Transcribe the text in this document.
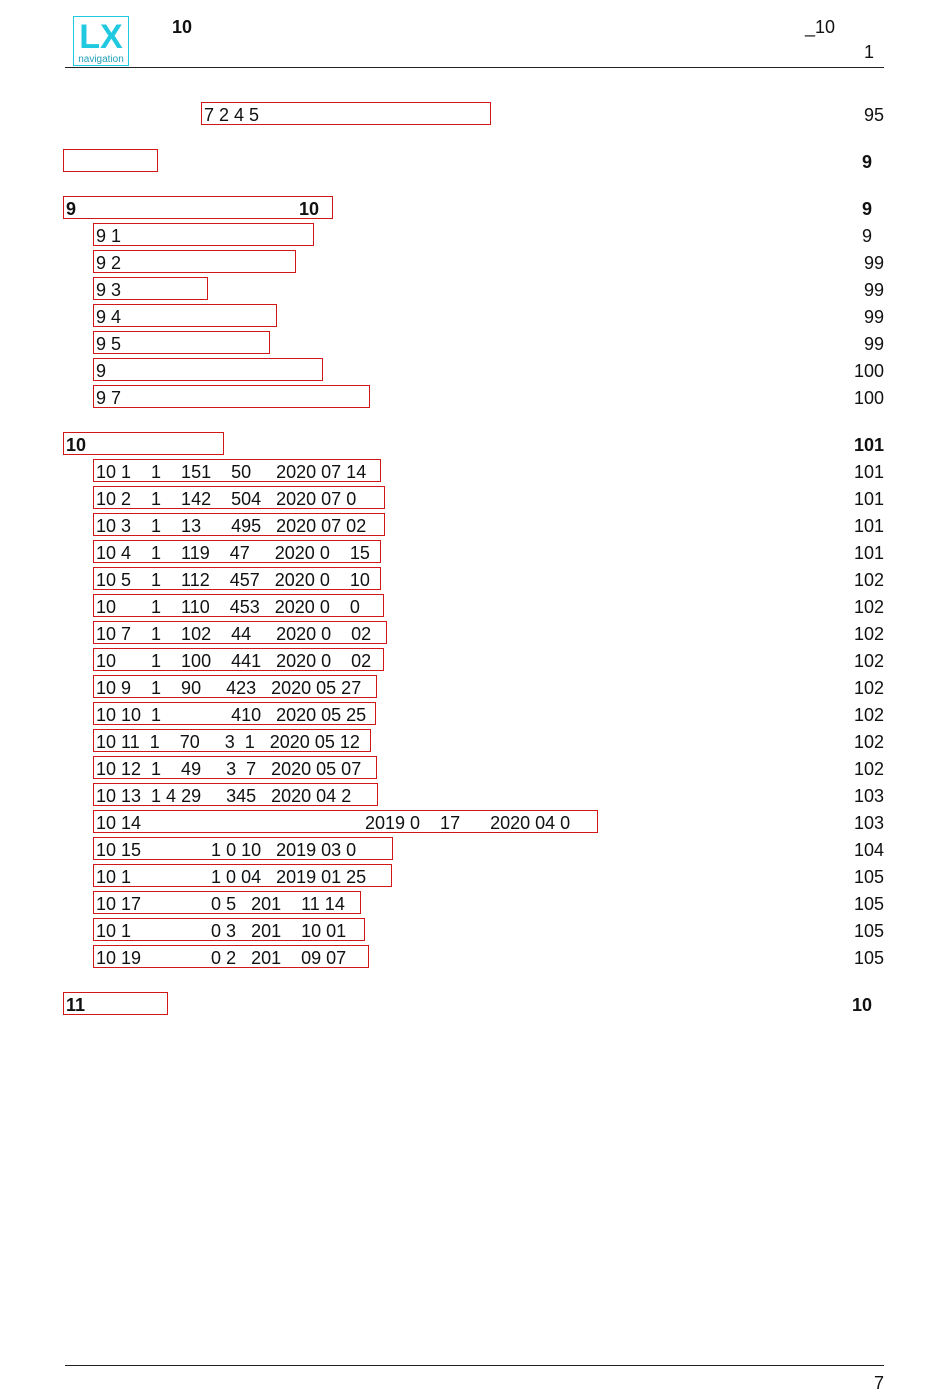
LX
navigation
10	_10
1
7 2 4 5	95
9
9	10	9
9 1	9
9 2	99
9 3	99
9 4	99
9 5	99
9	100
9 7	100
10	101
10 1    1    151    50     2020 07 14	101
10 2    1    142    504   2020 07 0	101
10 3    1    13      495   2020 07 02	101
10 4    1    119    47     2020 0    15	101
10 5    1    112    457   2020 0    10	102
10       1    110    453   2020 0    0	102
10 7    1    102    44     2020 0    02	102
10       1    100    441   2020 0    02	102
10 9    1    90     423   2020 05 27	102
10 10  1              410   2020 05 25	102
10 11  1    70     3  1   2020 05 12	102
10 12  1    49     3  7   2020 05 07	102
10 13  1 4 29     345   2020 04 2	103
10 14	2019 0    17      2020 04 0	103
10 15              1 0 10   2019 03 0	104
10 1                1 0 04   2019 01 25	105
10 17              0 5   201    11 14	105
10 1                0 3   201    10 01	105
10 19              0 2   201    09 07	105
11	10
7
